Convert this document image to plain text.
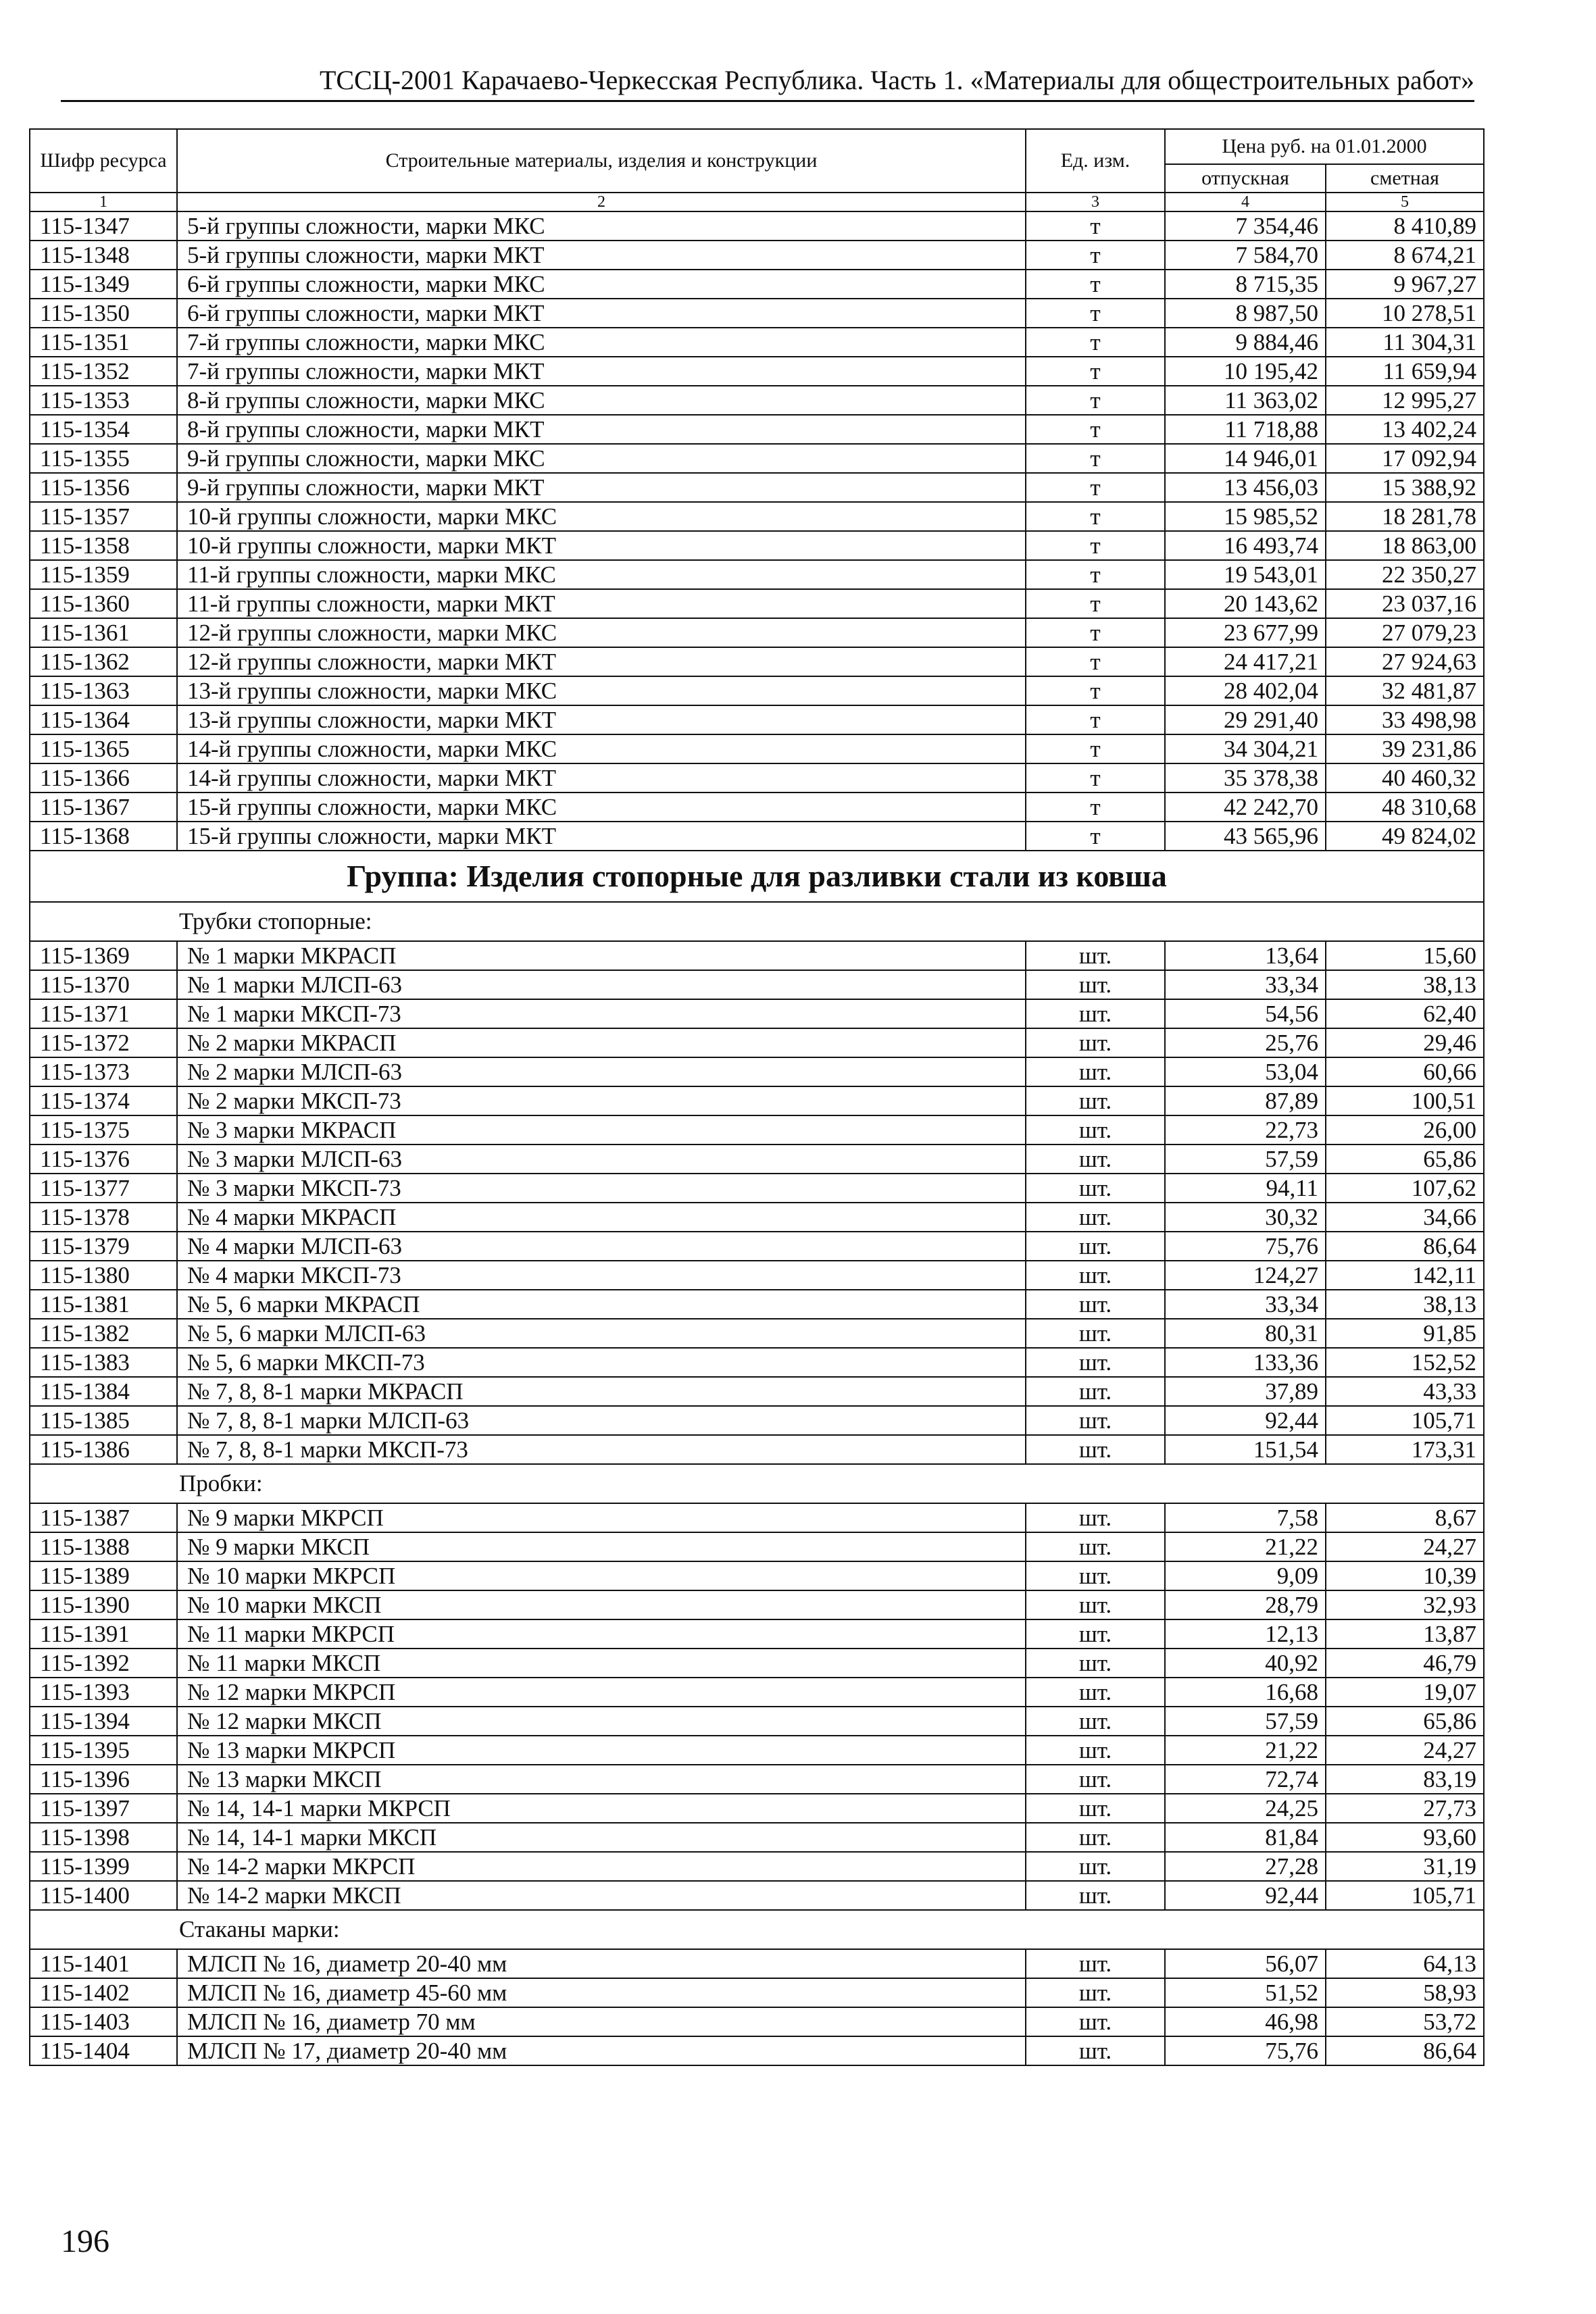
ТССЦ-2001 Карачаево-Черкесская Республика. Часть 1. «Материалы для общестроительных работ»
Шифр ресурса	Строительные материалы, изделия и конструкции	Ед. изм.	Цена руб. на 01.01.2000	
			отпускная	сметная
1	2	3	4	5
115-1347	5-й группы сложности, марки МКС	т	7 354,46	8 410,89
115-1348	5-й группы сложности, марки МКТ	т	7 584,70	8 674,21
115-1349	6-й группы сложности, марки МКС	т	8 715,35	9 967,27
115-1350	6-й группы сложности, марки МКТ	т	8 987,50	10 278,51
115-1351	7-й группы сложности, марки МКС	т	9 884,46	11 304,31
115-1352	7-й группы сложности, марки МКТ	т	10 195,42	11 659,94
115-1353	8-й группы сложности, марки МКС	т	11 363,02	12 995,27
115-1354	8-й группы сложности, марки МКТ	т	11 718,88	13 402,24
115-1355	9-й группы сложности, марки МКС	т	14 946,01	17 092,94
115-1356	9-й группы сложности, марки МКТ	т	13 456,03	15 388,92
115-1357	10-й группы сложности, марки МКС	т	15 985,52	18 281,78
115-1358	10-й группы сложности, марки МКТ	т	16 493,74	18 863,00
115-1359	11-й группы сложности, марки МКС	т	19 543,01	22 350,27
115-1360	11-й группы сложности, марки МКТ	т	20 143,62	23 037,16
115-1361	12-й группы сложности, марки МКС	т	23 677,99	27 079,23
115-1362	12-й группы сложности, марки МКТ	т	24 417,21	27 924,63
115-1363	13-й группы сложности, марки МКС	т	28 402,04	32 481,87
115-1364	13-й группы сложности, марки МКТ	т	29 291,40	33 498,98
115-1365	14-й группы сложности, марки МКС	т	34 304,21	39 231,86
115-1366	14-й группы сложности, марки МКТ	т	35 378,38	40 460,32
115-1367	15-й группы сложности, марки МКС	т	42 242,70	48 310,68
115-1368	15-й группы сложности, марки МКТ	т	43 565,96	49 824,02
Группа: Изделия стопорные для разливки стали из ковша				
Трубки стопорные:				
115-1369	№ 1 марки МКРАСП	шт.	13,64	15,60
115-1370	№ 1 марки МЛСП-63	шт.	33,34	38,13
115-1371	№ 1 марки МКСП-73	шт.	54,56	62,40
115-1372	№ 2 марки МКРАСП	шт.	25,76	29,46
115-1373	№ 2 марки МЛСП-63	шт.	53,04	60,66
115-1374	№ 2 марки МКСП-73	шт.	87,89	100,51
115-1375	№ 3 марки МКРАСП	шт.	22,73	26,00
115-1376	№ 3 марки МЛСП-63	шт.	57,59	65,86
115-1377	№ 3 марки МКСП-73	шт.	94,11	107,62
115-1378	№ 4 марки МКРАСП	шт.	30,32	34,66
115-1379	№ 4 марки МЛСП-63	шт.	75,76	86,64
115-1380	№ 4 марки МКСП-73	шт.	124,27	142,11
115-1381	№ 5, 6 марки МКРАСП	шт.	33,34	38,13
115-1382	№ 5, 6 марки МЛСП-63	шт.	80,31	91,85
115-1383	№ 5, 6 марки МКСП-73	шт.	133,36	152,52
115-1384	№ 7, 8, 8-1 марки МКРАСП	шт.	37,89	43,33
115-1385	№ 7, 8, 8-1 марки МЛСП-63	шт.	92,44	105,71
115-1386	№ 7, 8, 8-1 марки МКСП-73	шт.	151,54	173,31
Пробки:				
115-1387	№ 9 марки МКРСП	шт.	7,58	8,67
115-1388	№ 9 марки МКСП	шт.	21,22	24,27
115-1389	№ 10 марки МКРСП	шт.	9,09	10,39
115-1390	№ 10 марки МКСП	шт.	28,79	32,93
115-1391	№ 11 марки МКРСП	шт.	12,13	13,87
115-1392	№ 11 марки МКСП	шт.	40,92	46,79
115-1393	№ 12 марки МКРСП	шт.	16,68	19,07
115-1394	№ 12 марки МКСП	шт.	57,59	65,86
115-1395	№ 13 марки МКРСП	шт.	21,22	24,27
115-1396	№ 13 марки МКСП	шт.	72,74	83,19
115-1397	№ 14, 14-1 марки МКРСП	шт.	24,25	27,73
115-1398	№ 14, 14-1 марки МКСП	шт.	81,84	93,60
115-1399	№ 14-2 марки МКРСП	шт.	27,28	31,19
115-1400	№ 14-2 марки МКСП	шт.	92,44	105,71
Стаканы марки:				
115-1401	МЛСП № 16, диаметр 20-40 мм	шт.	56,07	64,13
115-1402	МЛСП № 16, диаметр 45-60 мм	шт.	51,52	58,93
115-1403	МЛСП № 16, диаметр 70 мм	шт.	46,98	53,72
115-1404	МЛСП № 17, диаметр 20-40 мм	шт.	75,76	86,64
196
